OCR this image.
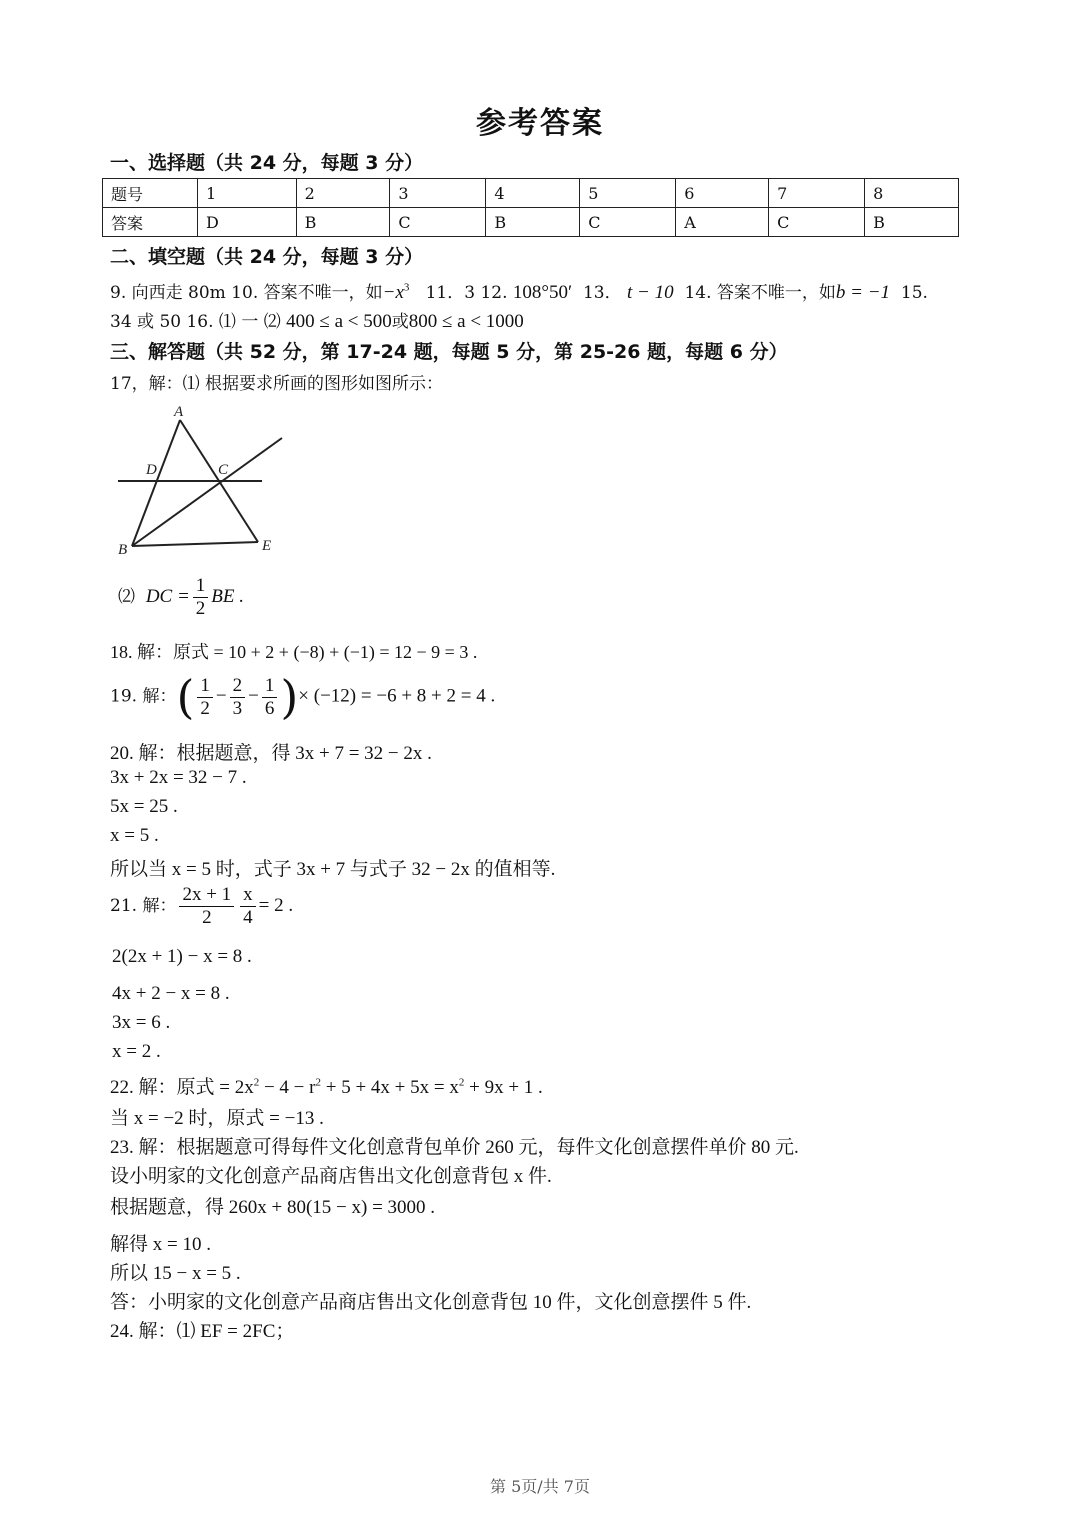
参考答案
一、选择题（共 24 分，每题 3 分）
题号	1	2	3	4	5	6	7	8
答案	D	B	C	B	C	A	C	B
二、填空题（共 24 分，每题 3 分）
9. 向西走 80m 10. 答案不唯一，如$-x^3$ 11．3 12. 108°50′ 13． t − 10 14. 答案不唯一，如b = −1 15.
34 或 50 16. ⑴ 一 ⑵ 400 ≤ a < 500或800 ≤ a < 1000
三、解答题（共 52 分，第 17-24 题，每题 5 分，第 25-26 题，每题 6 分）
17，解：⑴ 根据要求所画的图形如图所示：
A
B
C
D
E
⑵ DC = $\frac{1}{2}$ BE .
18. 解：原式 = 10 + 2 + (−8) + (−1) = 12 − 9 = 3 .
19. 解：( $\frac{1}{2} - \frac{2}{3} - \frac{1}{6}$ )× (−12) = −6 + 8 + 2 = 4 .
20. 解：根据题意，得 3x + 7 = 32 − 2x .
3x + 2x = 32 − 7 .
5x = 25 .
x = 5 .
所以当 x = 5 时，式子 3x + 7 与式子 32 − 2x 的值相等.
21. 解： $\frac{2x + 1}{2} \frac{x}{4} = 2$ .
2(2x + 1) − x = 8 .
4x + 2 − x = 8 .
3x = 6 .
x = 2 .
22. 解：原式 = $2x^2 - 4 - r^2 + 5 + 4x + 5x = x^2 + 9x + 1$ .
当 x = −2 时，原式 = −13 .
23. 解：根据题意可得每件文化创意背包单价 260 元，每件文化创意摆件单价 80 元.
设小明家的文化创意产品商店售出文化创意背包 x 件.
根据题意，得 260x + 80(15 − x) = 3000 .
解得 x = 10 .
所以 15 − x = 5 .
答：小明家的文化创意产品商店售出文化创意背包 10 件，文化创意摆件 5 件.
24. 解：⑴ EF = 2FC；
第 5页/共 7页
